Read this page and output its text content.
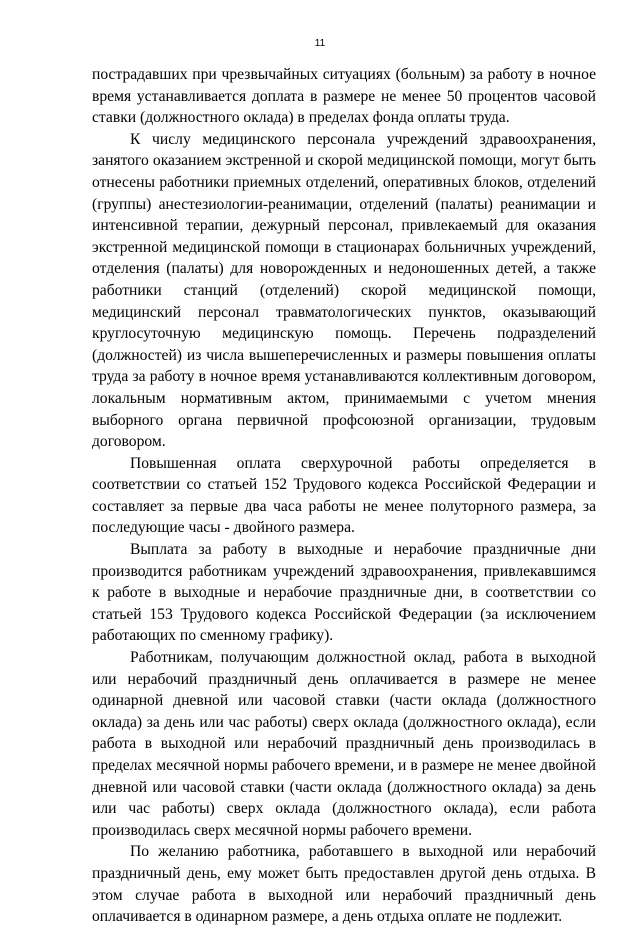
11

пострадавших при чрезвычайных ситуациях (больным) за работу в ночное время устанавливается доплата в размере не менее 50 процентов часовой ставки (должностного оклада) в пределах фонда оплаты труда.

К числу медицинского персонала учреждений здравоохранения, занятого оказанием экстренной и скорой медицинской помощи, могут быть отнесены работники приемных отделений, оперативных блоков, отделений (группы) анестезиологии-реанимации, отделений (палаты) реанимации и интенсивной терапии, дежурный персонал, привлекаемый для оказания экстренной медицинской помощи в стационарах больничных учреждений, отделения (палаты) для новорожденных и недоношенных детей, а также работники станций (отделений) скорой медицинской помощи, медицинский персонал травматологических пунктов, оказывающий круглосуточную медицинскую помощь. Перечень подразделений (должностей) из числа вышеперечисленных и размеры повышения оплаты труда за работу в ночное время устанавливаются коллективным договором, локальным нормативным актом, принимаемыми с учетом мнения выборного органа первичной профсоюзной организации, трудовым договором.

Повышенная оплата сверхурочной работы определяется в соответствии со статьей 152 Трудового кодекса Российской Федерации и составляет за первые два часа работы не менее полуторного размера, за последующие часы - двойного размера.

Выплата за работу в выходные и нерабочие праздничные дни производится работникам учреждений здравоохранения, привлекавшимся к работе в выходные и нерабочие праздничные дни, в соответствии со статьей 153 Трудового кодекса Российской Федерации (за исключением работающих по сменному графику).

Работникам, получающим должностной оклад, работа в выходной или нерабочий праздничный день оплачивается в размере не менее одинарной дневной или часовой ставки (части оклада (должностного оклада) за день или час работы) сверх оклада (должностного оклада), если работа в выходной или нерабочий праздничный день производилась в пределах месячной нормы рабочего времени, и в размере не менее двойной дневной или часовой ставки (части оклада (должностного оклада) за день или час работы) сверх оклада (должностного оклада), если работа производилась сверх месячной нормы рабочего времени.

По желанию работника, работавшего в выходной или нерабочий праздничный день, ему может быть предоставлен другой день отдыха. В этом случае работа в выходной или нерабочий праздничный день оплачивается в одинарном размере, а день отдыха оплате не подлежит.
